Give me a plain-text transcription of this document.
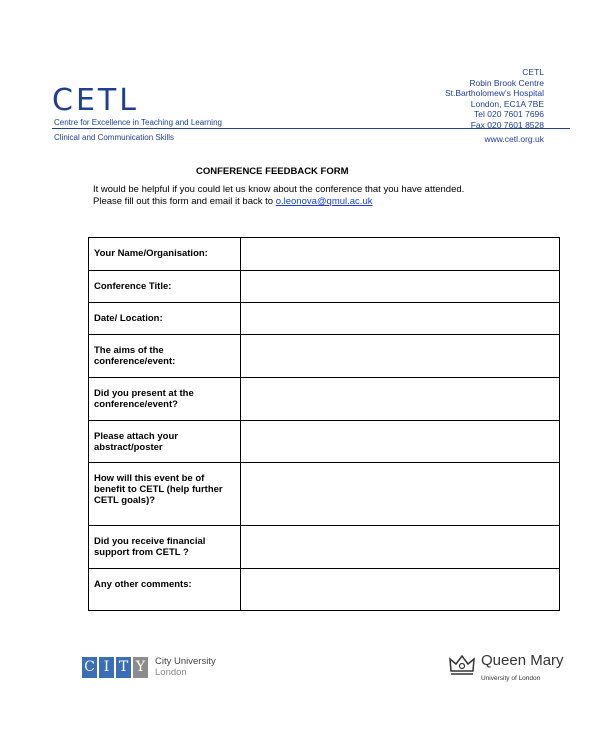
CETL
Centre for Excellence in Teaching and Learning
Clinical and Communication Skills
CETL
Robin Brook Centre
St.Bartholomew’s Hospital
London, EC1A 7BE
Tel 020 7601 7696
Fax 020 7601 8528
www.cetl.org.uk
CONFERENCE FEEDBACK FORM
It would be helpful if you could let us know about the conference that you have attended.
Please fill out this form and email it back to o.leonova@qmul.ac.uk
Your Name/Organisation:	
Conference Title:	
Date/ Location:	
The aims of the conference/event:	
Did you present at the conference/event?	
Please attach your abstract/poster	
How will this event be of benefit to CETL (help further CETL goals)?	
Did you receive financial support from CETL ?	
Any other comments:	
C I T Y	City University
London
Queen Mary
University of London
